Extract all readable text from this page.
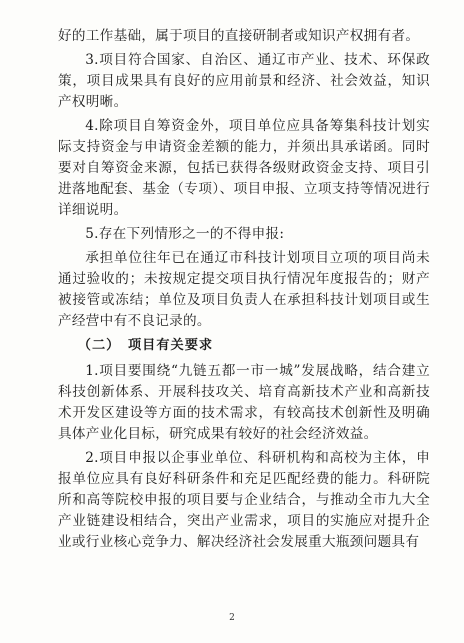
好的工作基础，属于项目的直接研制者或知识产权拥有者。

3.项目符合国家、自治区、通辽市产业、技术、环保政策，项目成果具有良好的应用前景和经济、社会效益，知识产权明晰。

4.除项目自筹资金外，项目单位应具备筹集科技计划实际支持资金与申请资金差额的能力，并须出具承诺函。同时要对自筹资金来源，包括已获得各级财政资金支持、项目引进落地配套、基金（专项）、项目申报、立项支持等情况进行详细说明。

5.存在下列情形之一的不得申报:

承担单位往年已在通辽市科技计划项目立项的项目尚未通过验收的；未按规定提交项目执行情况年度报告的；财产被接管或冻结；单位及项目负责人在承担科技计划项目或生产经营中有不良记录的。

（二）　项目有关要求

1.项目要围绕“九链五都一市一城”发展战略，结合建立科技创新体系、开展科技攻关、培育高新技术产业和高新技术开发区建设等方面的技术需求，有较高技术创新性及明确具体产业化目标，研究成果有较好的社会经济效益。

2.项目申报以企事业单位、科研机构和高校为主体，申报单位应具有良好科研条件和充足匹配经费的能力。科研院所和高等院校申报的项目要与企业结合，与推动全市九大全产业链建设相结合，突出产业需求，项目的实施应对提升企业或行业核心竞争力、解决经济社会发展重大瓶颈问题具有

2
